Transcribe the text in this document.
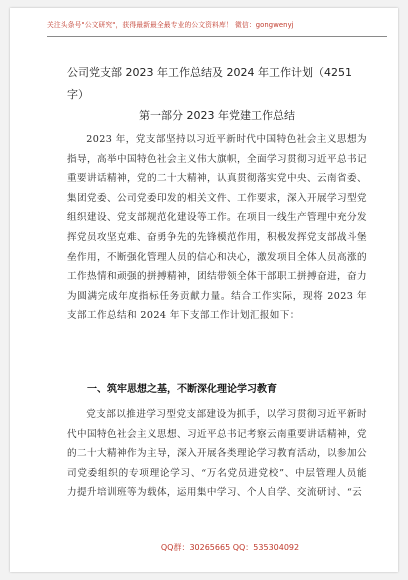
关注头条号"公文研究"，获得最新最全最专业的公文资料库！ 微信：gongwenyj
公司党支部 2023 年工作总结及 2024 年工作计划（4251 字）
第一部分 2023 年党建工作总结

2023 年，党支部坚持以习近平新时代中国特色社会主义思想为指导，高举中国特色社会主义伟大旗帜，全面学习贯彻习近平总书记重要讲话精神，党的二十大精神，认真贯彻落实党中央、云南省委、集团党委、公司党委印发的相关文件、工作要求，深入开展学习型党组织建设、党支部规范化建设等工作。在项目一线生产管理中充分发挥党员攻坚克难、奋勇争先的先锋模范作用，积极发挥党支部战斗堡垒作用，不断强化管理人员的信心和决心，激发项目全体人员高涨的工作热情和顽强的拼搏精神，团结带领全体干部职工拼搏奋进，奋力为圆满完成年度指标任务贡献力量。结合工作实际，现将 2023 年支部工作总结和 2024 年下支部工作计划汇报如下：

一、筑牢思想之基，不断深化理论学习教育

党支部以推进学习型党支部建设为抓手，以学习贯彻习近平新时代中国特色社会主义思想、习近平总书记考察云南重要讲话精神，党的二十大精神作为主导，深入开展各类理论学习教育活动，以参加公司党委组织的专项理论学习、“万名党员进党校”、中层管理人员能力提升培训班等为载体，运用集中学习、个人自学、交流研讨、“云

QQ群：30265665 QQ：535304092
